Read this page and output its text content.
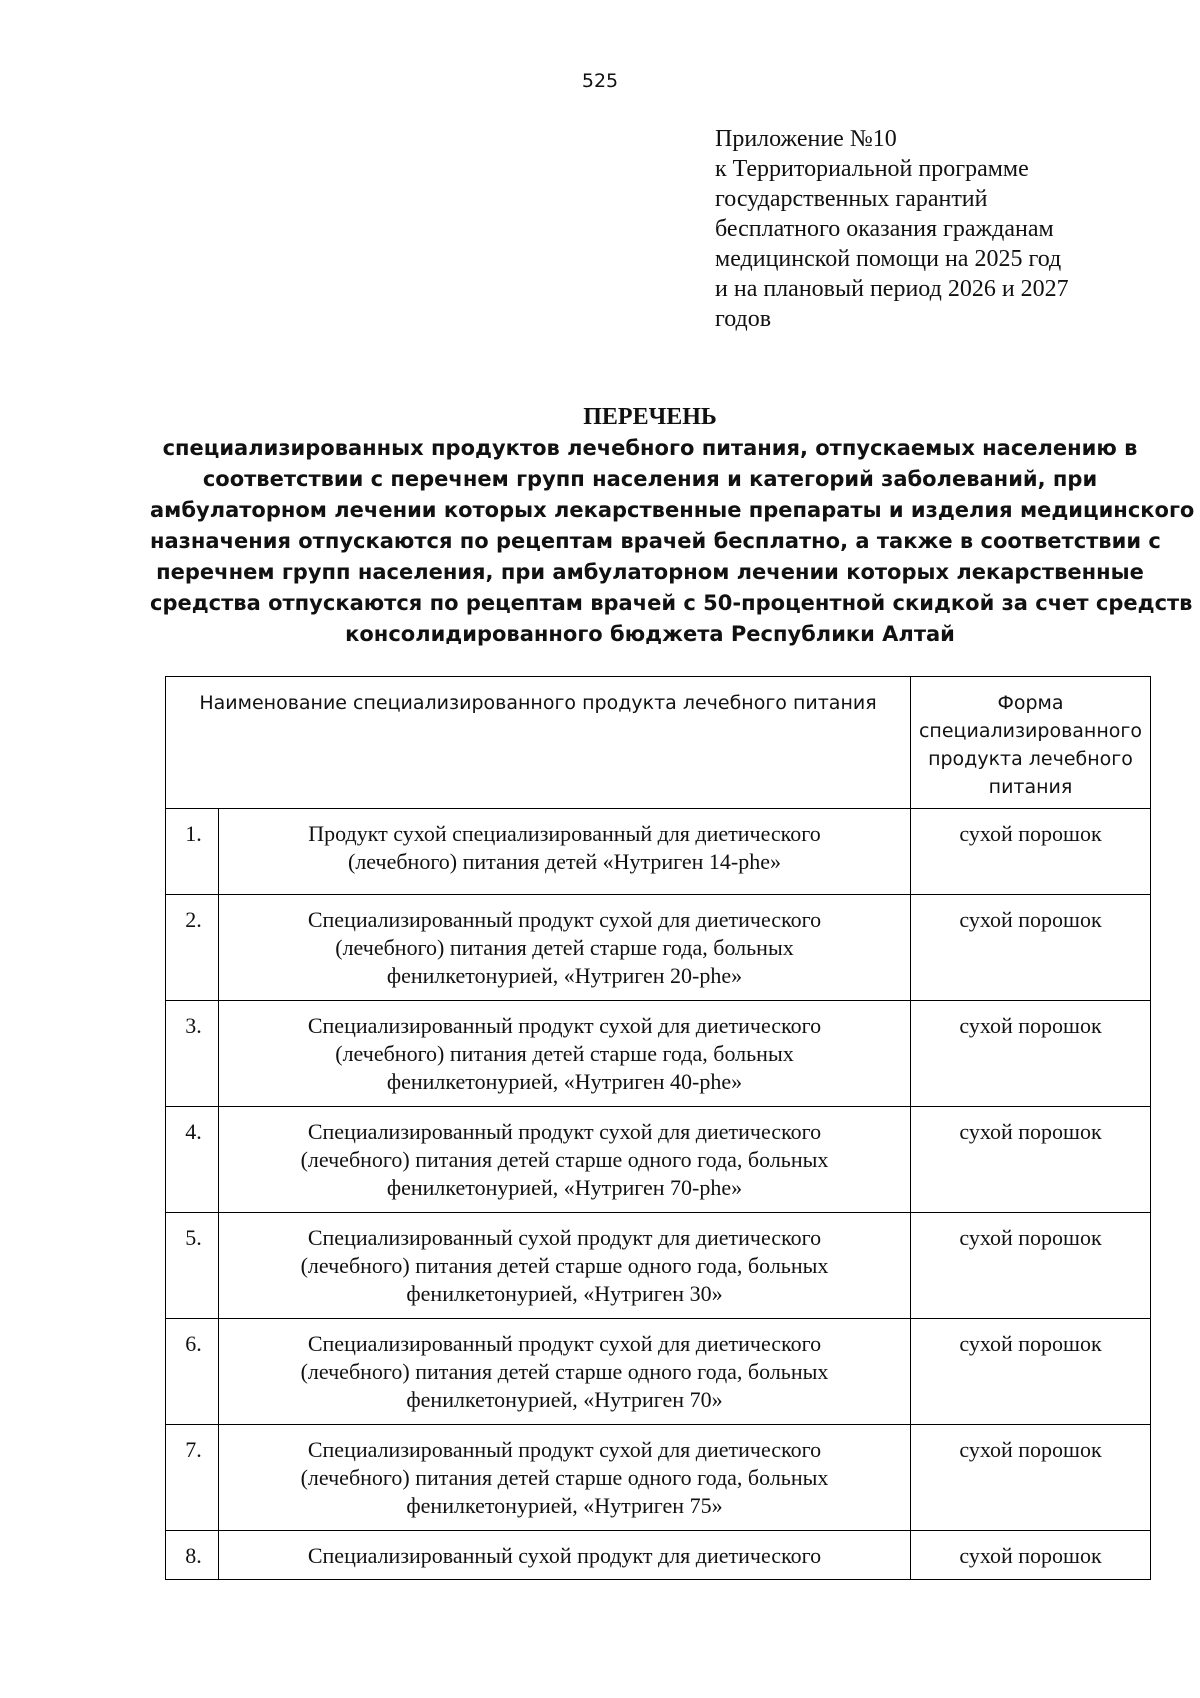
525
Приложение №10
к Территориальной программе
государственных гарантий
бесплатного оказания гражданам
медицинской помощи на 2025 год
и на плановый период 2026 и 2027
годов
ПЕРЕЧЕНЬ
специализированных продуктов лечебного питания, отпускаемых населению в
соответствии с перечнем групп населения и категорий заболеваний, при
амбулаторном лечении которых лекарственные препараты и изделия медицинского
назначения отпускаются по рецептам врачей бесплатно, а также в соответствии с
перечнем групп населения, при амбулаторном лечении которых лекарственные
средства отпускаются по рецептам врачей с 50-процентной скидкой за счет средств
консолидированного бюджета Республики Алтай
Наименование специализированного продукта лечебного питания		Форма
специализированного
продукта лечебного
питания

1.	Продукт сухой специализированный для диетического
(лечебного) питания детей «Нутриген 14-phe»	сухой порошок
2.	Специализированный продукт сухой для диетического
(лечебного) питания детей старше года, больных
фенилкетонурией, «Нутриген 20-phe»	сухой порошок
3.	Специализированный продукт сухой для диетического
(лечебного) питания детей старше года, больных
фенилкетонурией, «Нутриген 40-phe»	сухой порошок
4.	Специализированный продукт сухой для диетического
(лечебного) питания детей старше одного года, больных
фенилкетонурией, «Нутриген 70-phe»	сухой порошок
5.	Специализированный сухой продукт для диетического
(лечебного) питания детей старше одного года, больных
фенилкетонурией, «Нутриген 30»	сухой порошок
6.	Специализированный продукт сухой для диетического
(лечебного) питания детей старше одного года, больных
фенилкетонурией, «Нутриген 70»	сухой порошок
7.	Специализированный продукт сухой для диетического
(лечебного) питания детей старше одного года, больных
фенилкетонурией, «Нутриген 75»	сухой порошок
8.	Специализированный сухой продукт для диетического	сухой порошок
